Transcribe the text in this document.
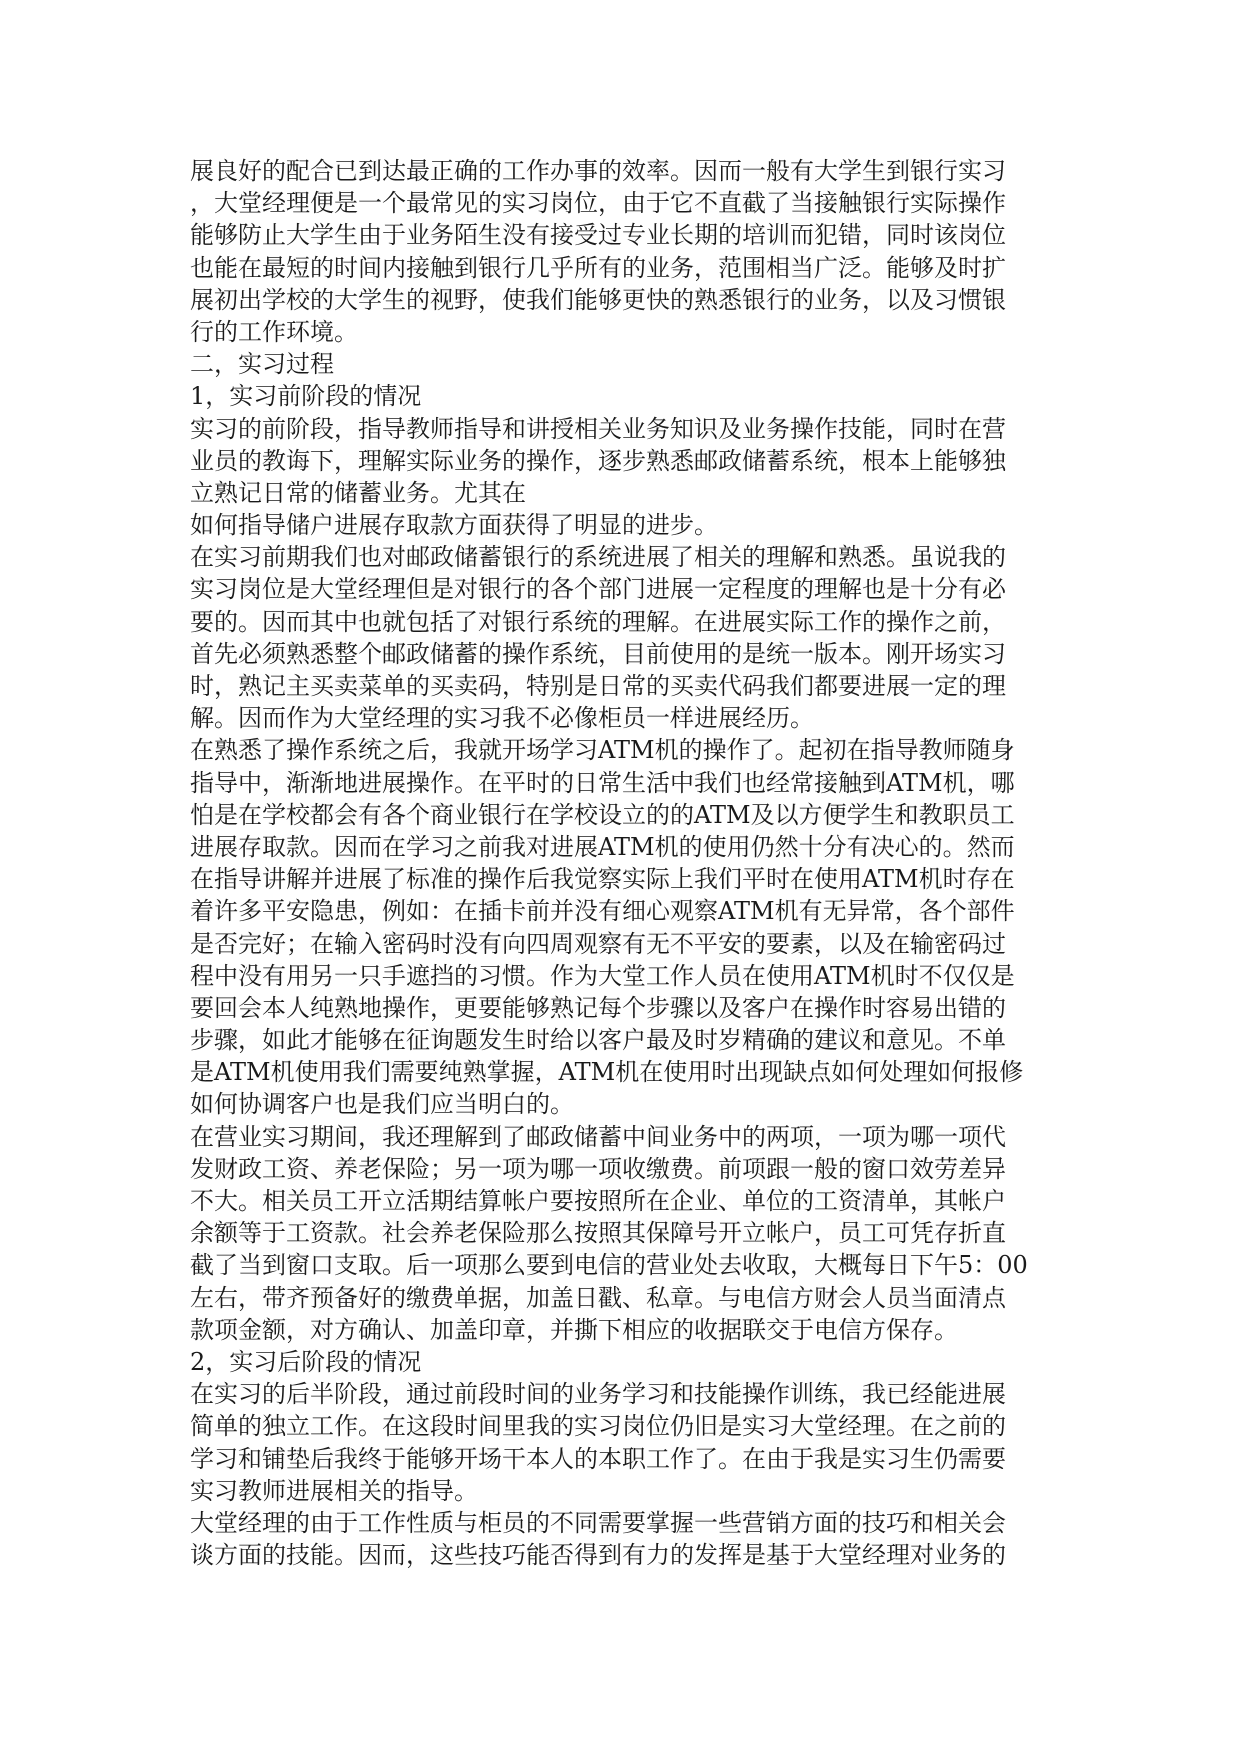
展良好的配合已到达最正确的工作办事的效率。因而一般有大学生到银行实习
，大堂经理便是一个最常见的实习岗位，由于它不直截了当接触银行实际操作
能够防止大学生由于业务陌生没有接受过专业长期的培训而犯错，同时该岗位
也能在最短的时间内接触到银行几乎所有的业务，范围相当广泛。能够及时扩
展初出学校的大学生的视野，使我们能够更快的熟悉银行的业务，以及习惯银
行的工作环境。
二，实习过程
1，实习前阶段的情况
实习的前阶段，指导教师指导和讲授相关业务知识及业务操作技能，同时在营
业员的教诲下，理解实际业务的操作，逐步熟悉邮政储蓄系统，根本上能够独
立熟记日常的储蓄业务。尤其在
如何指导储户进展存取款方面获得了明显的进步。
在实习前期我们也对邮政储蓄银行的系统进展了相关的理解和熟悉。虽说我的
实习岗位是大堂经理但是对银行的各个部门进展一定程度的理解也是十分有必
要的。因而其中也就包括了对银行系统的理解。在进展实际工作的操作之前，
首先必须熟悉整个邮政储蓄的操作系统，目前使用的是统一版本。刚开场实习
时，熟记主买卖菜单的买卖码，特别是日常的买卖代码我们都要进展一定的理
解。因而作为大堂经理的实习我不必像柜员一样进展经历。
在熟悉了操作系统之后，我就开场学习ATM机的操作了。起初在指导教师随身
指导中，渐渐地进展操作。在平时的日常生活中我们也经常接触到ATM机，哪
怕是在学校都会有各个商业银行在学校设立的的ATM及以方便学生和教职员工
进展存取款。因而在学习之前我对进展ATM机的使用仍然十分有决心的。然而
在指导讲解并进展了标准的操作后我觉察实际上我们平时在使用ATM机时存在
着许多平安隐患，例如：在插卡前并没有细心观察ATM机有无异常，各个部件
是否完好；在输入密码时没有向四周观察有无不平安的要素，以及在输密码过
程中没有用另一只手遮挡的习惯。作为大堂工作人员在使用ATM机时不仅仅是
要回会本人纯熟地操作，更要能够熟记每个步骤以及客户在操作时容易出错的
步骤，如此才能够在征询题发生时给以客户最及时岁精确的建议和意见。不单
是ATM机使用我们需要纯熟掌握，ATM机在使用时出现缺点如何处理如何报修
如何协调客户也是我们应当明白的。
在营业实习期间，我还理解到了邮政储蓄中间业务中的两项，一项为哪一项代
发财政工资、养老保险；另一项为哪一项收缴费。前项跟一般的窗口效劳差异
不大。相关员工开立活期结算帐户要按照所在企业、单位的工资清单，其帐户
余额等于工资款。社会养老保险那么按照其保障号开立帐户，员工可凭存折直
截了当到窗口支取。后一项那么要到电信的营业处去收取，大概每日下午5：00
左右，带齐预备好的缴费单据，加盖日戳、私章。与电信方财会人员当面清点
款项金额，对方确认、加盖印章，并撕下相应的收据联交于电信方保存。
2，实习后阶段的情况
在实习的后半阶段，通过前段时间的业务学习和技能操作训练，我已经能进展
简单的独立工作。在这段时间里我的实习岗位仍旧是实习大堂经理。在之前的
学习和铺垫后我终于能够开场干本人的本职工作了。在由于我是实习生仍需要
实习教师进展相关的指导。
大堂经理的由于工作性质与柜员的不同需要掌握一些营销方面的技巧和相关会
谈方面的技能。因而，这些技巧能否得到有力的发挥是基于大堂经理对业务的
